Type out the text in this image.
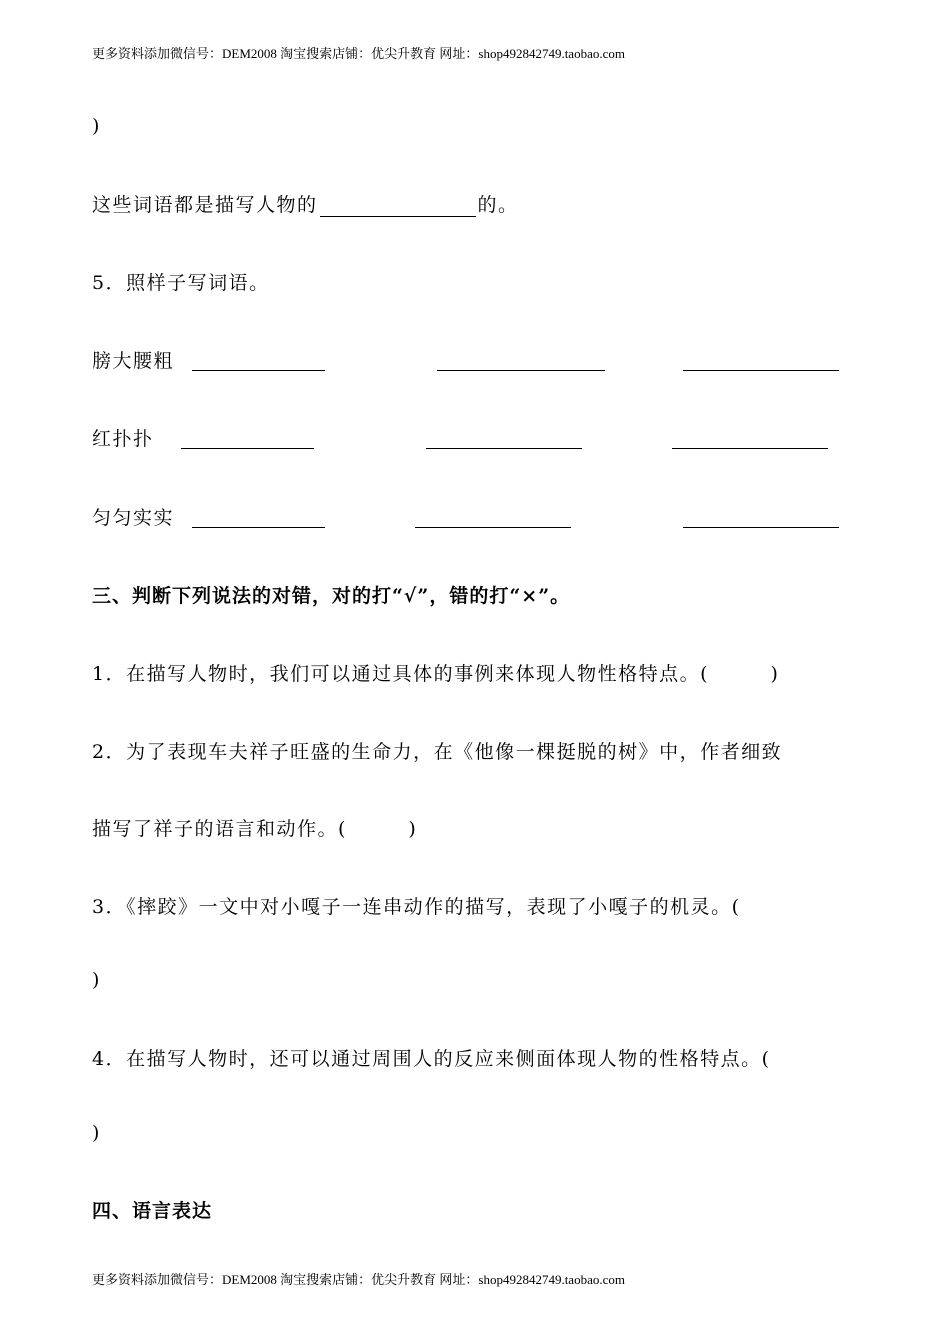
更多资料添加微信号：DEM2008 淘宝搜索店铺：优尖升教育 网址：shop492842749.taobao.com
)
这些词语都是描写人物的	的。
5．照样子写词语。
膀大腰粗
红扑扑
匀匀实实
三、判断下列说法的对错，对的打“√”，错的打“×”。
1．在描写人物时，我们可以通过具体的事例来体现人物性格特点。(　　　)
2．为了表现车夫祥子旺盛的生命力，在《他像一棵挺脱的树》中，作者细致
描写了祥子的语言和动作。(　　　)
3．《摔跤》一文中对小嘎子一连串动作的描写，表现了小嘎子的机灵。(
)
4．在描写人物时，还可以通过周围人的反应来侧面体现人物的性格特点。(
)
四、语言表达
更多资料添加微信号：DEM2008 淘宝搜索店铺：优尖升教育 网址：shop492842749.taobao.com
